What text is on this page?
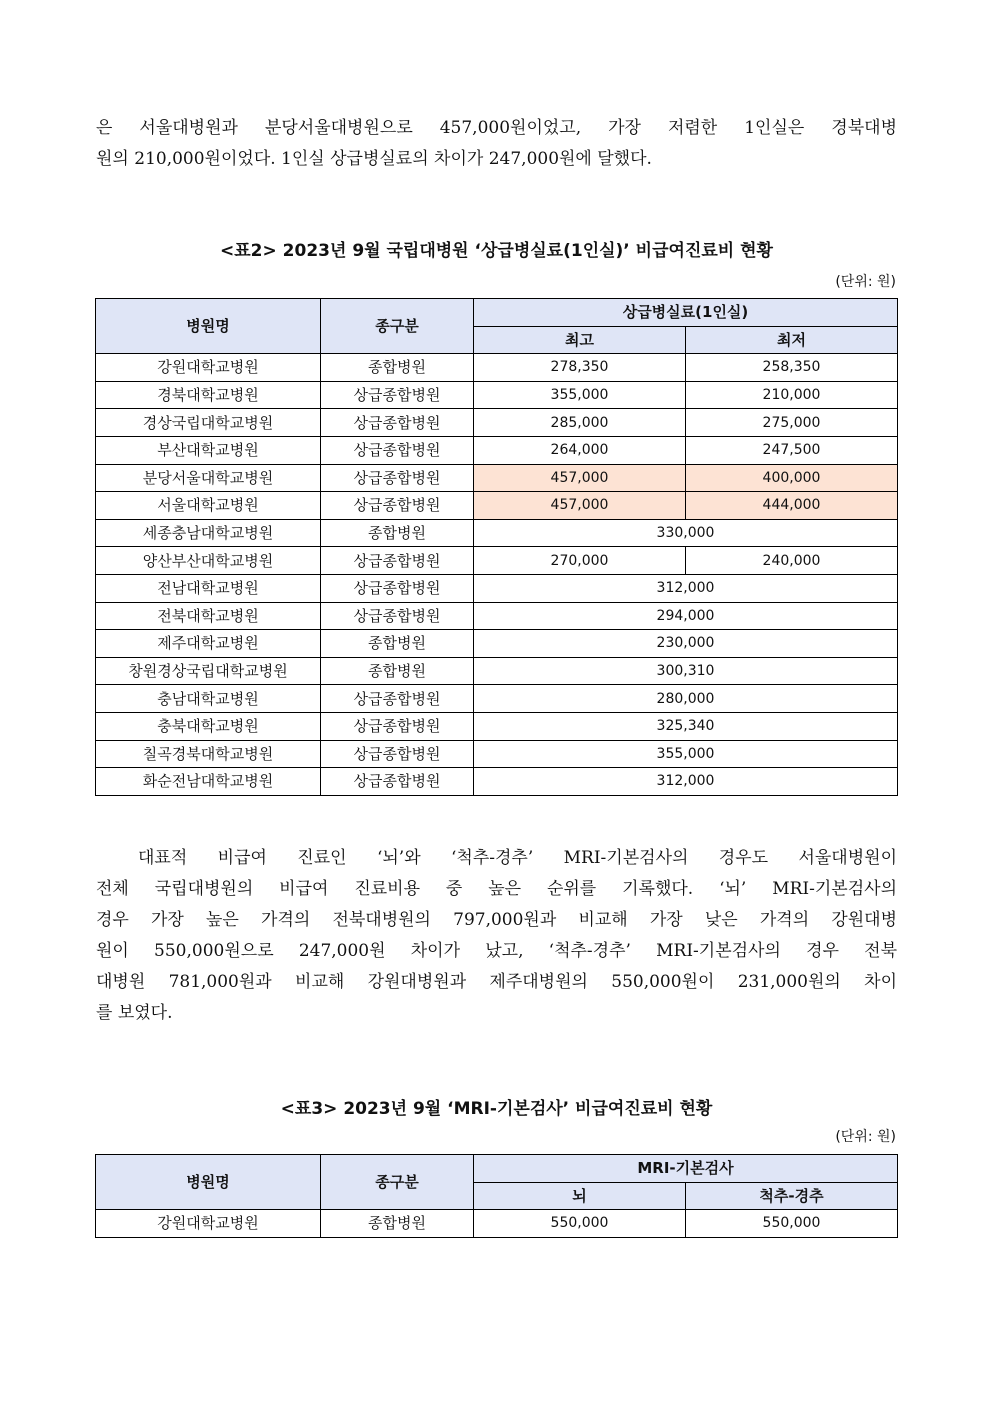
은 서울대병원과 분당서울대병원으로 457,000원이었고, 가장 저렴한 1인실은 경북대병
원의 210,000원이었다. 1인실 상급병실료의 차이가 247,000원에 달했다.
<표2> 2023년 9월 국립대병원 ‘상급병실료(1인실)’ 비급여진료비 현황
(단위: 원)
병원명	종구분	상급병실료(1인실)	
		최고	최저
강원대학교병원	종합병원	278,350	258,350
경북대학교병원	상급종합병원	355,000	210,000
경상국립대학교병원	상급종합병원	285,000	275,000
부산대학교병원	상급종합병원	264,000	247,500
분당서울대학교병원	상급종합병원	457,000	400,000
서울대학교병원	상급종합병원	457,000	444,000
세종충남대학교병원	종합병원	330,000	
양산부산대학교병원	상급종합병원	270,000	240,000
전남대학교병원	상급종합병원	312,000	
전북대학교병원	상급종합병원	294,000	
제주대학교병원	종합병원	230,000	
창원경상국립대학교병원	종합병원	300,310	
충남대학교병원	상급종합병원	280,000	
충북대학교병원	상급종합병원	325,340	
칠곡경북대학교병원	상급종합병원	355,000	
화순전남대학교병원	상급종합병원	312,000	
　대표적 비급여 진료인 ‘뇌’와 ‘척추-경추’ MRI-기본검사의 경우도 서울대병원이
전체 국립대병원의 비급여 진료비용 중 높은 순위를 기록했다. ‘뇌’ MRI-기본검사의
경우 가장 높은 가격의 전북대병원의 797,000원과 비교해 가장 낮은 가격의 강원대병
원이 550,000원으로 247,000원 차이가 났고, ‘척추-경추’ MRI-기본검사의 경우 전북
대병원 781,000원과 비교해 강원대병원과 제주대병원의 550,000원이 231,000원의 차이
를 보였다.
<표3> 2023년 9월 ‘MRI-기본검사’ 비급여진료비 현황
(단위: 원)
병원명	종구분	MRI-기본검사	
		뇌	척추-경추
강원대학교병원	종합병원	550,000	550,000
